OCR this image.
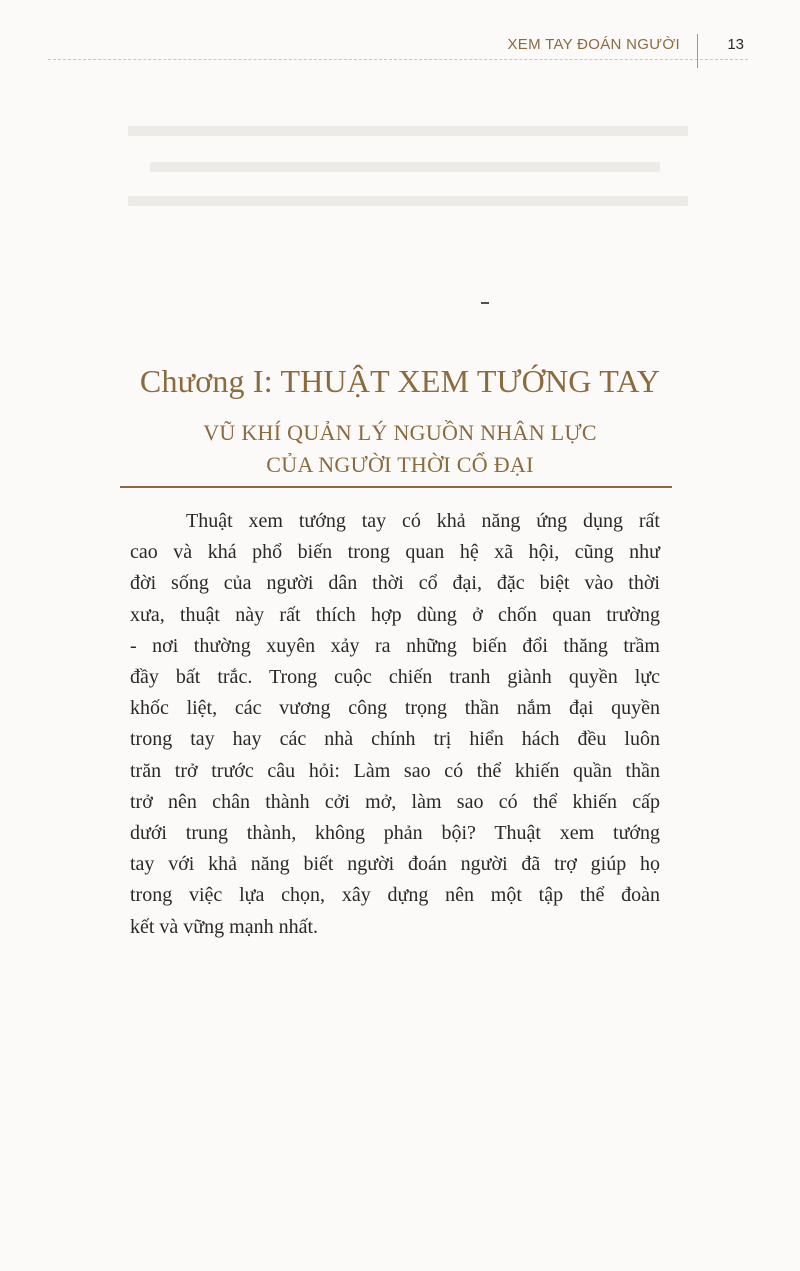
XEM TAY ĐOÁN NGƯỜI	13
Chương I: THUẬT XEM TƯỚNG TAY
VŨ KHÍ QUẢN LÝ NGUỒN NHÂN LỰC
CỦA NGƯỜI THỜI CỔ ĐẠI
Thuật xem tướng tay có khả năng ứng dụng rất
cao và khá phổ biến trong quan hệ xã hội, cũng như
đời sống của người dân thời cổ đại, đặc biệt vào thời
xưa, thuật này rất thích hợp dùng ở chốn quan trường
- nơi thường xuyên xảy ra những biến đổi thăng trầm
đầy bất trắc. Trong cuộc chiến tranh giành quyền lực
khốc liệt, các vương công trọng thần nắm đại quyền
trong tay hay các nhà chính trị hiển hách đều luôn
trăn trở trước câu hỏi: Làm sao có thể khiến quần thần
trở nên chân thành cởi mở, làm sao có thể khiến cấp
dưới trung thành, không phản bội? Thuật xem tướng
tay với khả năng biết người đoán người đã trợ giúp họ
trong việc lựa chọn, xây dựng nên một tập thể đoàn
kết và vững mạnh nhất.
